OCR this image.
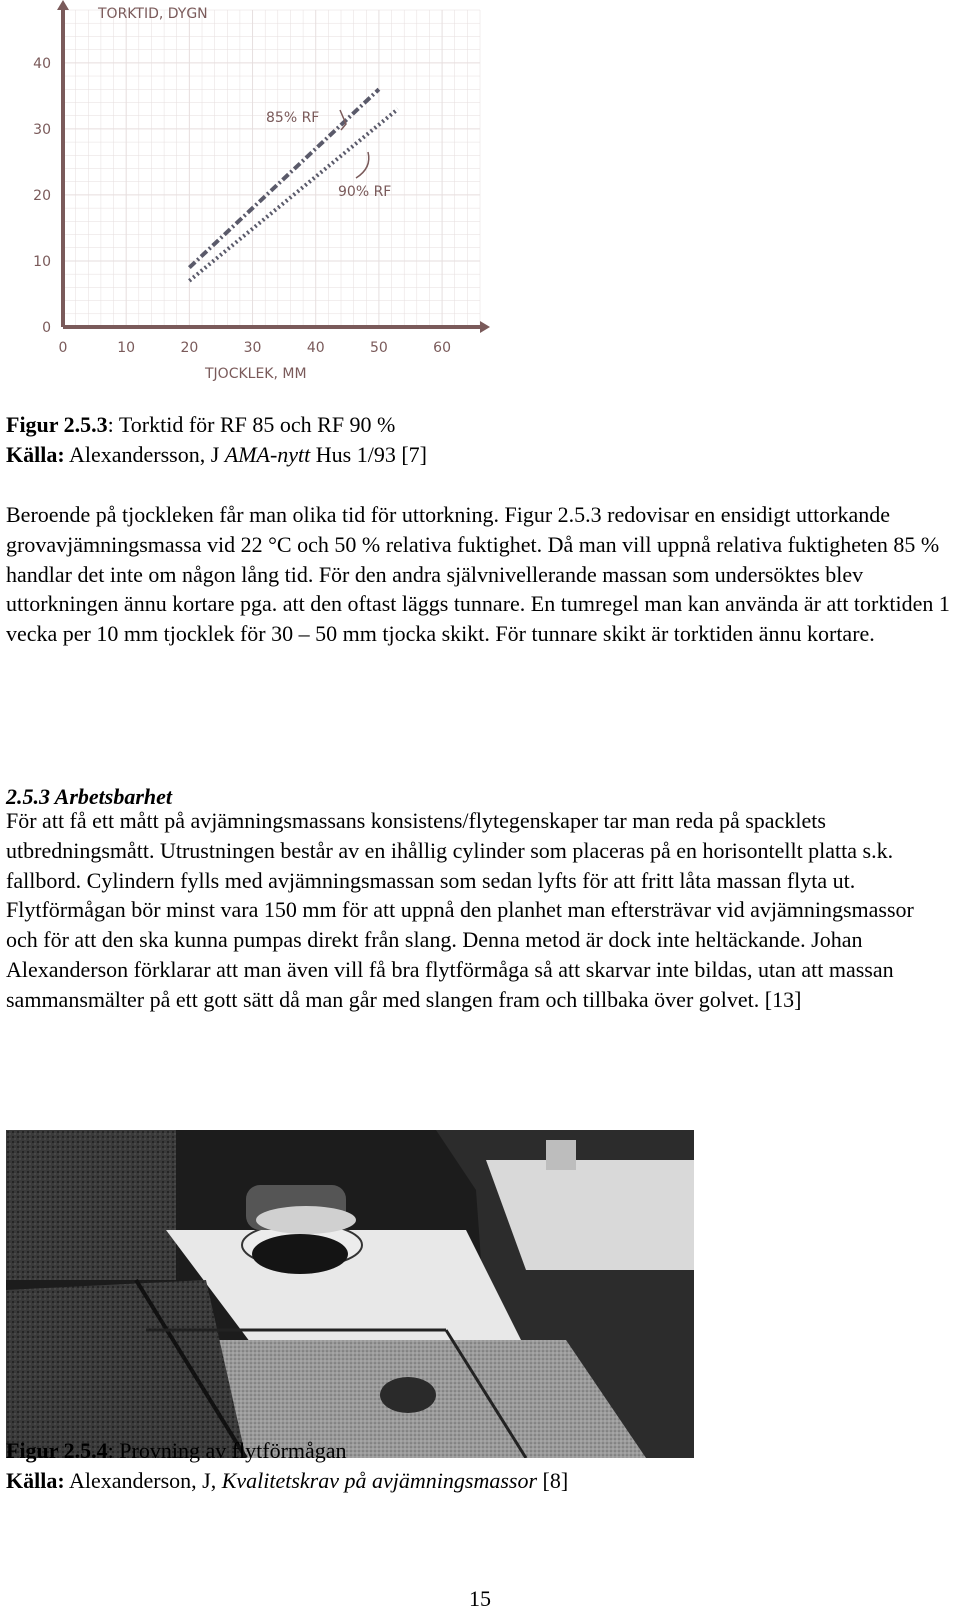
0	10	20	30	40	50	60
0
10
20
30
40
TORKTID, DYGN
TJOCKLEK, MM
85% RF
90% RF
Figur 2.5.3: Torktid för RF 85 och RF 90 %
Källa: Alexandersson, J AMA-nytt Hus 1/93 [7]
Beroende på tjockleken får man olika tid för uttorkning. Figur 2.5.3 redovisar en ensidigt uttorkande grovavjämningsmassa vid 22 °C och 50 % relativa fuktighet. Då man vill uppnå relativa fuktigheten 85 % handlar det inte om någon lång tid. För den andra självnivellerande massan som undersöktes blev uttorkningen ännu kortare pga. att den oftast läggs tunnare. En tumregel man kan använda är att torktiden 1 vecka per 10 mm tjocklek för 30 – 50 mm tjocka skikt. För tunnare skikt är torktiden ännu kortare.
2.5.3 Arbetsbarhet
För att få ett mått på avjämningsmassans konsistens/flytegenskaper tar man reda på spacklets utbredningsmått. Utrustningen består av en ihållig cylinder som placeras på en horisontellt platta s.k. fallbord. Cylindern fylls med avjämningsmassan som sedan lyfts för att fritt låta massan flyta ut. Flytförmågan bör minst vara 150 mm för att uppnå den planhet man eftersträvar vid avjämningsmassor och för att den ska kunna pumpas direkt från slang. Denna metod är dock inte heltäckande. Johan Alexanderson förklarar att man även vill få bra flytförmåga så att skarvar inte bildas, utan att massan sammansmälter på ett gott sätt då man går med slangen fram och tillbaka över golvet. [13]
Figur 2.5.4: Provning av flytförmågan
Källa: Alexanderson, J, Kvalitetskrav på avjämningsmassor [8]
15
